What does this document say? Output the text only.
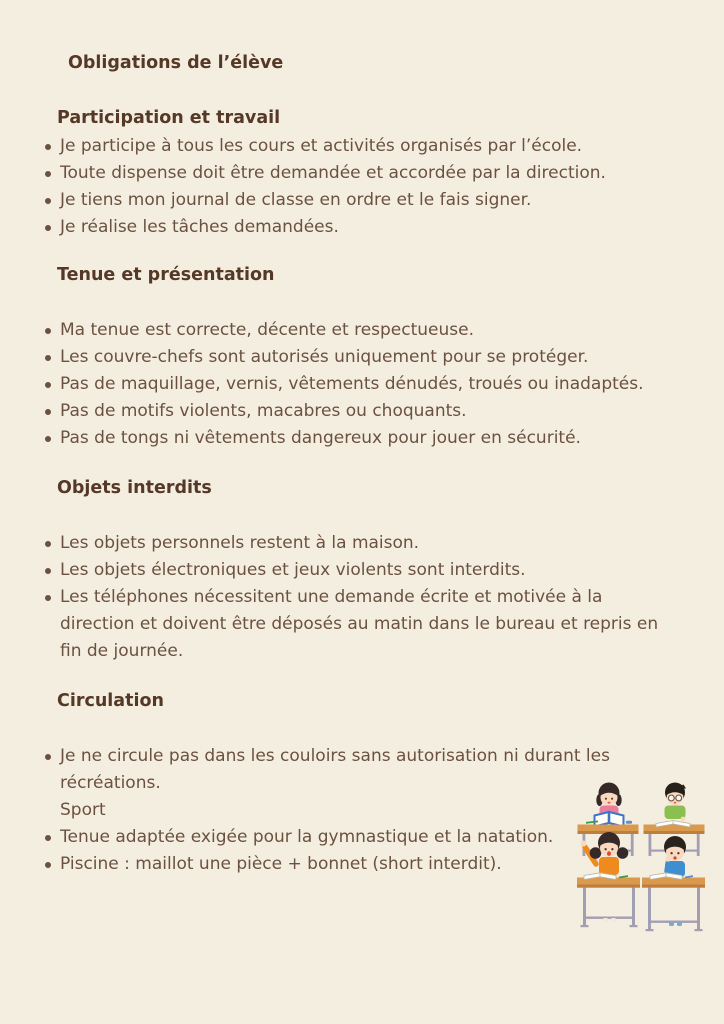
Obligations de l’élève
Participation et travail
Je participe à tous les cours et activités organisés par l’école.
Toute dispense doit être demandée et accordée par la direction.
Je tiens mon journal de classe en ordre et le fais signer.
Je réalise les tâches demandées.
Tenue et présentation
Ma tenue est correcte, décente et respectueuse.
Les couvre-chefs sont autorisés uniquement pour se protéger.
Pas de maquillage, vernis, vêtements dénudés, troués ou inadaptés.
Pas de motifs violents, macabres ou choquants.
Pas de tongs ni vêtements dangereux pour jouer en sécurité.
Objets interdits
Les objets personnels restent à la maison.
Les objets électroniques et jeux violents sont interdits.
Les téléphones nécessitent une demande écrite et motivée à la direction et doivent être déposés au matin dans le bureau et repris en fin de journée.
Circulation
Je ne circule pas dans les couloirs sans autorisation ni durant les récréations.
Sport
Tenue adaptée exigée pour la gymnastique et la natation.
Piscine : maillot une pièce + bonnet (short interdit).
